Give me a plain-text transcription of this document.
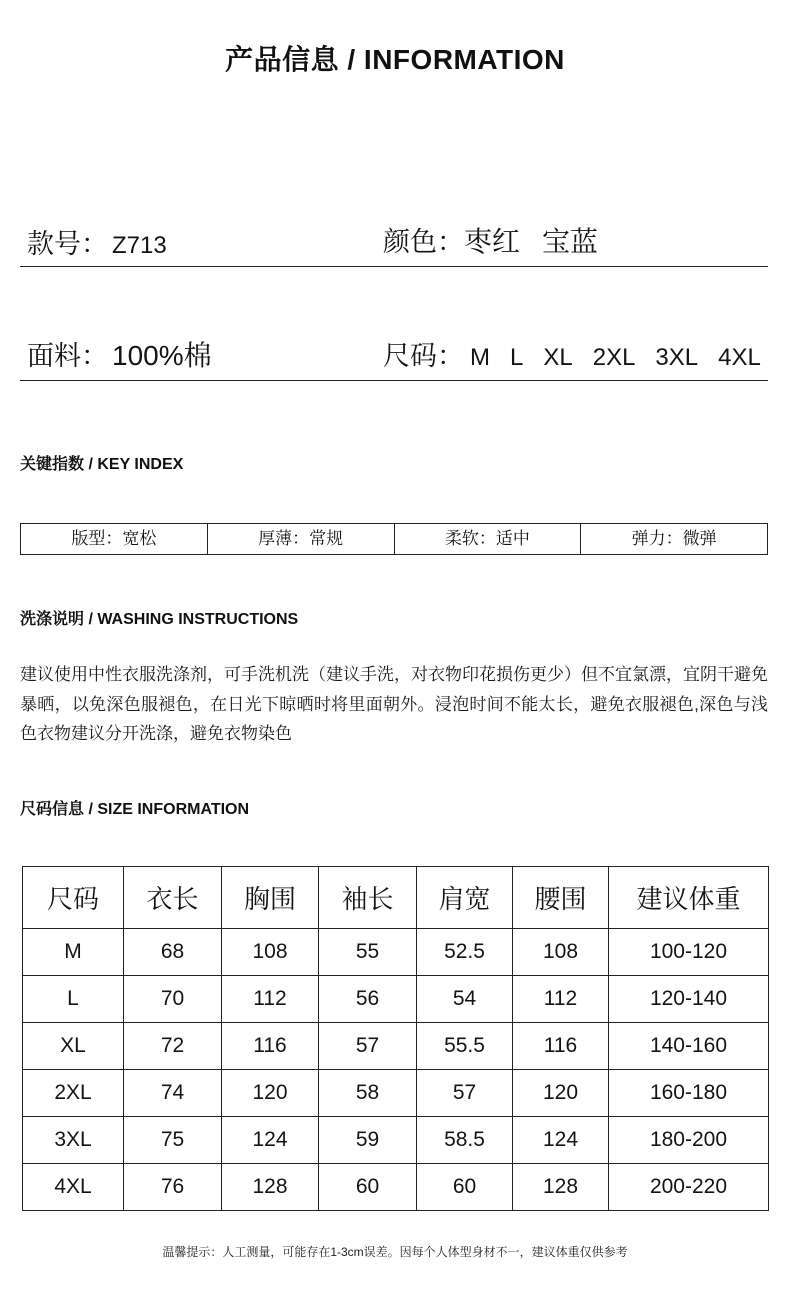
产品信息 / INFORMATION
款号： Z713	颜色： 枣红 宝蓝
面料： 100%棉	尺码： M L XL 2XL 3XL 4XL
关键指数 / KEY INDEX
版型：宽松	厚薄：常规	柔软：适中	弹力：微弹
洗涤说明 / WASHING INSTRUCTIONS
建议使用中性衣服洗涤剂，可手洗机洗（建议手洗，对衣物印花损伤更少）但不宜氯漂，宜阴干避免暴晒，以免深色服褪色，在日光下晾晒时将里面朝外。浸泡时间不能太长，避免衣服褪色,深色与浅色衣物建议分开洗涤，避免衣物染色
尺码信息 / SIZE INFORMATION
尺码	衣长	胸围	袖长	肩宽	腰围	建议体重
M	68	108	55	52.5	108	100-120
L	70	112	56	54	112	120-140
XL	72	116	57	55.5	116	140-160
2XL	74	120	58	57	120	160-180
3XL	75	124	59	58.5	124	180-200
4XL	76	128	60	60	128	200-220
温馨提示：人工测量，可能存在1-3cm误差。因每个人体型身材不一，建议体重仅供参考
